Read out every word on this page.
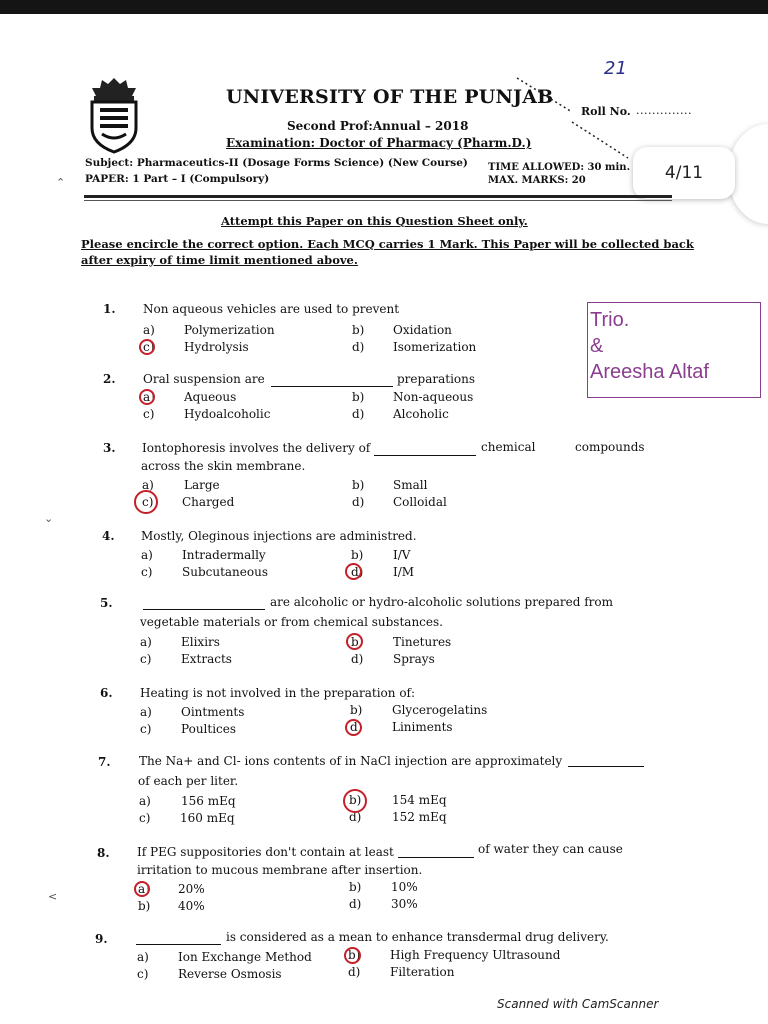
21
UNIVERSITY OF THE PUNJAB
Roll No. ..............
Second Prof:Annual – 2018
Examination: Doctor of Pharmacy (Pharm.D.)
Subject: Pharmaceutics-II (Dosage Forms Science) (New Course)
PAPER: 1 Part – I (Compulsory)
TIME ALLOWED: 30 min.
MAX. MARKS: 20	4/11
Attempt this Paper on this Question Sheet only.
Please encircle the correct option. Each MCQ carries 1 Mark. This Paper will be collected back
after expiry of time limit mentioned above.
Trio.
&
Areesha Altaf
1. Non aqueous vehicles are used to prevent
a) Polymerization	b) Oxidation
c) Hydrolysis	d) Isomerization
2. Oral suspension are	preparations
a) Aqueous	b) Non-aqueous
c) Hydoalcoholic	d) Alcoholic
3. Iontophoresis involves the delivery of	chemical	compounds
across the skin membrane.
a)	Large	b) Small
c) Charged	d) Colloidal
4. Mostly, Oleginous injections are administred.
a) Intradermally	b) I/V
c) Subcutaneous	d) I/M
5.	are alcoholic or hydro-alcoholic solutions prepared from
vegetable materials or from chemical substances.
a) Elixirs	b) Tinetures
c) Extracts	d) Sprays
6. Heating is not involved in the preparation of:
a) Ointments	b) Glycerogelatins
c) Poultices	d) Liniments
7. The Na+ and Cl- ions contents of in NaCl injection are approximately
of each per liter.
a)	156 mEq	b)	154 mEq
c) 160 mEq	d)	152 mEq
8. If PEG suppositories don't contain at least	of water they can cause
irritation to mucous membrane after insertion.
a) 20%	b) 10%
b) 40%	d) 30%
9.	is considered as a mean to enhance transdermal drug delivery.
a) Ion Exchange Method	b) High Frequency Ultrasound
c) Reverse Osmosis	d) Filteration
⌃
⌄
<
Scanned with CamScanner
